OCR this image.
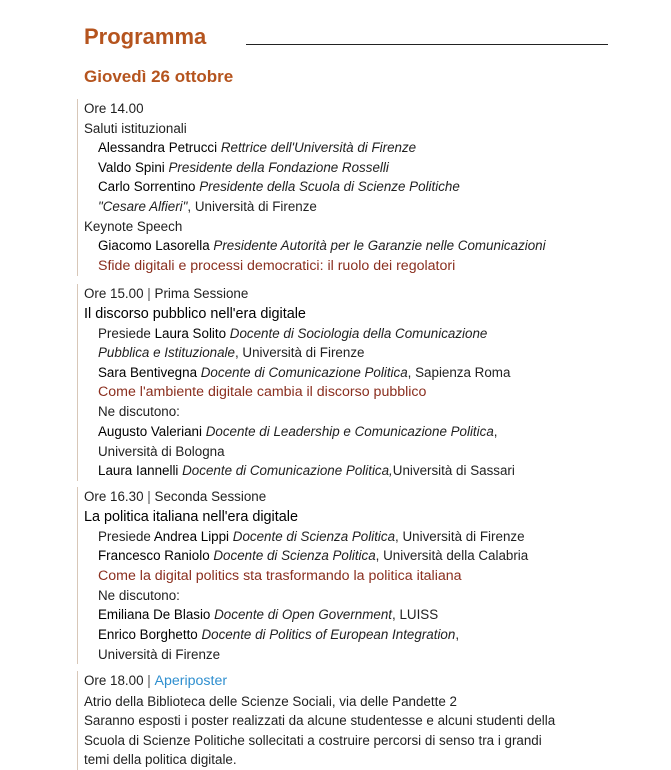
Programma
Giovedì 26 ottobre
Ore 14.00
Saluti istituzionali
Alessandra Petrucci Rettrice dell'Università di Firenze
Valdo Spini Presidente della Fondazione Rosselli
Carlo Sorrentino Presidente della Scuola di Scienze Politiche
"Cesare Alfieri", Università di Firenze
Keynote Speech
Giacomo Lasorella Presidente Autorità per le Garanzie nelle Comunicazioni
Sfide digitali e processi democratici: il ruolo dei regolatori
Ore 15.00 | Prima Sessione
Il discorso pubblico nell'era digitale
Presiede Laura Solito Docente di Sociologia della Comunicazione
Pubblica e Istituzionale, Università di Firenze
Sara Bentivegna Docente di Comunicazione Politica, Sapienza Roma
Come l'ambiente digitale cambia il discorso pubblico
Ne discutono:
Augusto Valeriani Docente di Leadership e Comunicazione Politica,
Università di Bologna
Laura Iannelli Docente di Comunicazione Politica,Università di Sassari
Ore 16.30 | Seconda Sessione
La politica italiana nell'era digitale
Presiede Andrea Lippi Docente di Scienza Politica, Università di Firenze
Francesco Raniolo Docente di Scienza Politica, Università della Calabria
Come la digital politics sta trasformando la politica italiana
Ne discutono:
Emiliana De Blasio Docente di Open Government, LUISS
Enrico Borghetto Docente di Politics of European Integration,
Università di Firenze
Ore 18.00 | Aperiposter
Atrio della Biblioteca delle Scienze Sociali, via delle Pandette 2
Saranno esposti i poster realizzati da alcune studentesse e alcuni studenti della
Scuola di Scienze Politiche sollecitati a costruire percorsi di senso tra i grandi
temi della politica digitale.
